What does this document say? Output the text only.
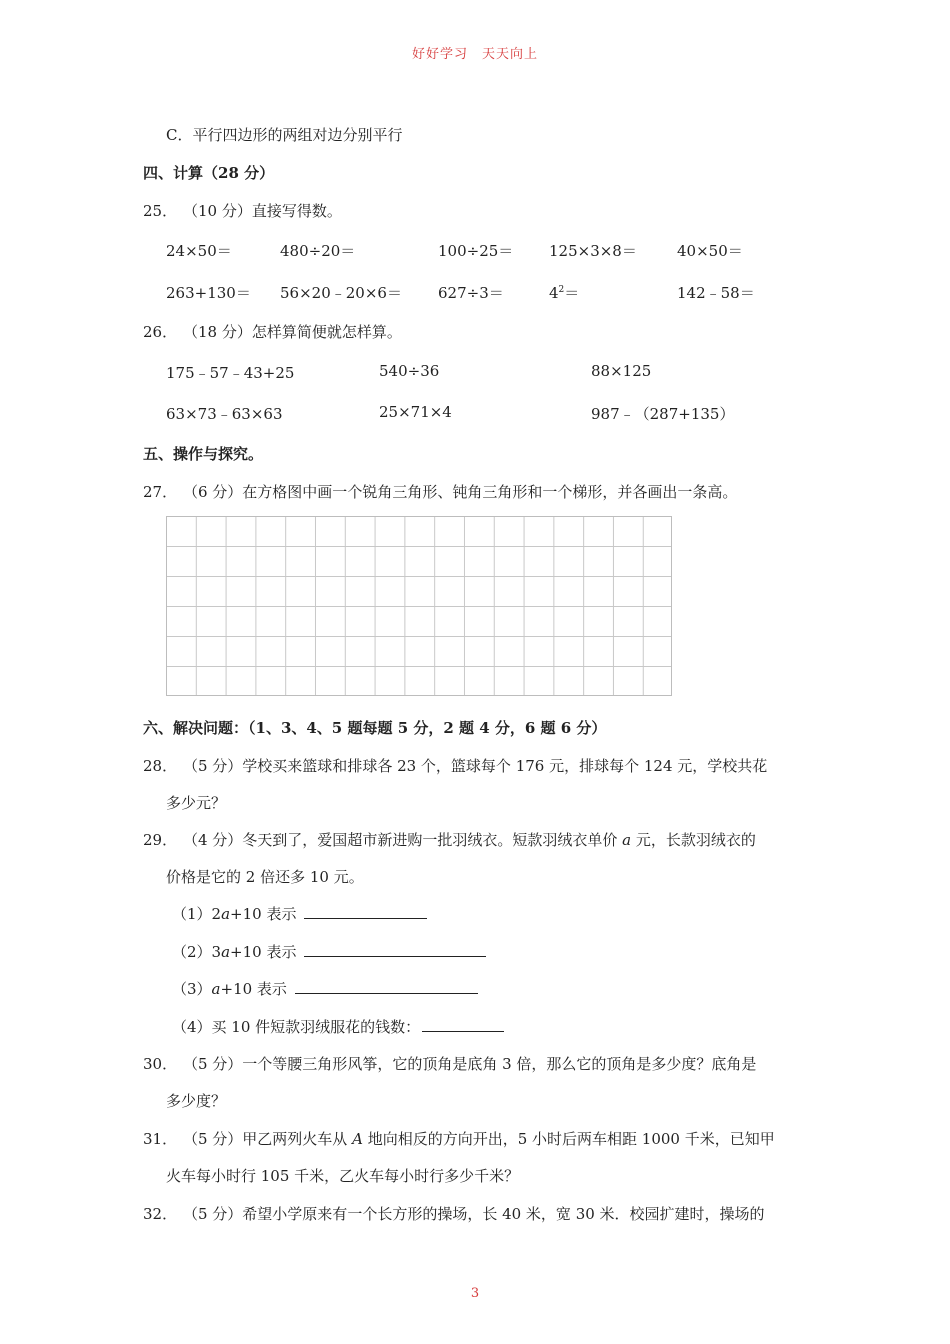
好好学习　天天向上
C．平行四边形的两组对边分别平行
四、计算（28 分）
25． （10 分）直接写得数。
24×50＝	480÷20＝	100÷25＝ 125×3×8＝	40×50＝
263+130＝ 56×20﹣20×6＝ 627÷3＝	$4^2=$	142﹣58＝
26． （18 分）怎样算简便就怎样算。
175﹣57﹣43+25	540÷36	88×125
63×73﹣63×63	25×71×4	987﹣（287+135）
五、操作与探究。
27． （6 分）在方格图中画一个锐角三角形、钝角三角形和一个梯形，并各画出一条高。
六、解决问题：（1、3、4、5 题每题 5 分，2 题 4 分，6 题 6 分）
28． （5 分）学校买来篮球和排球各 23 个，篮球每个 176 元，排球每个 124 元，学校共花
多少元？
29． （4 分）冬天到了，爱国超市新进购一批羽绒衣。短款羽绒衣单价 a 元，长款羽绒衣的
价格是它的 2 倍还多 10 元。
（1）2a+10 表示
（2）3a+10 表示
（3）a+10 表示
（4）买 10 件短款羽绒服花的钱数：
30． （5 分）一个等腰三角形风筝，它的顶角是底角 3 倍，那么它的顶角是多少度？底角是
多少度？
31． （5 分）甲乙两列火车从 A 地向相反的方向开出，5 小时后两车相距 1000 千米，已知甲
火车每小时行 105 千米，乙火车每小时行多少千米？
32． （5 分）希望小学原来有一个长方形的操场，长 40 米，宽 30 米．校园扩建时，操场的
3
